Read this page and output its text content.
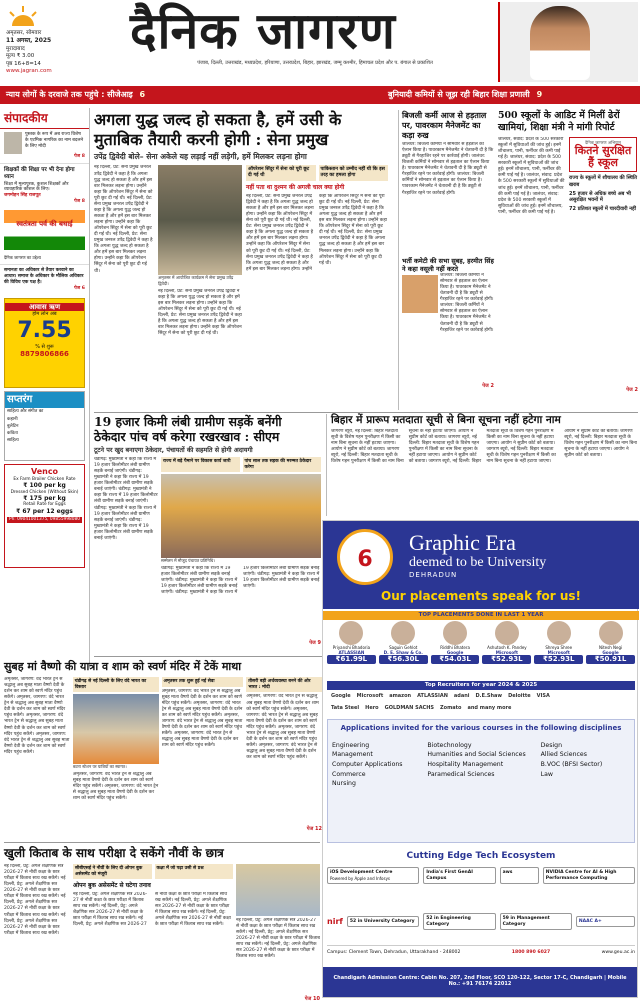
अमृतसर, सोमवार
11 अगस्त, 2025
मुरादाबाद
मूल्य ₹ 3.00
पृष्ठ 16+8=14
www.jagran.com
दैनिक जागरण
पंजाब, दिल्ली, उत्तराखंड, मध्यप्रदेश, हरियाणा, उत्तरप्रदेश, बिहार, झारखंड, जम्मू कश्मीर, हिमाचल प्रदेश और प. बंगाल से प्रकाशित
न्याय लोगों के दरवाजे तक पहुंचे : सीजेआइ 6	बुनियादी कमियों से जूझ रही बिहार शिक्षा प्रणाली 9
संपादकीय
पुस्तक के रूप में अब राज्य विशेष के एटमिक नागरिक का नाम बदलने के लिए मोदी
पेज 8
शिक्षकों की शिक्षा पर भी देना होगा ध्यान
शिक्षा में मूल्यपूरक, कुशल शिक्षकों और व्यावहारिक कौशल के लिए।
जगमोहन सिंह राजपूत
पेज 8
स्वतंत्रता पर्व की बधाई
दैनिक जागरण का उद्देश्य
समानता का अधिकार से तैयार करवाने का आधार। समाज के अधिकार के मौलिक अधिकार की विविध एक पक्ष है।
पेज 6
आवास ऋण
होम लोन अब
7.55
% से शुरू
8879806866
सप्तरंग
साहित्य और संगीत का
कहानी
बुलेटिन
कविता
साहित्य
Venco
Ex Farm Broiler Chicken Rate
₹ 100 per kg
Dressed Chicken (Without Skin)
₹ 175 per kg
Retail Rate for Eggs
₹ 67 per 12 eggs
Ph: 09041001375, 09855998080
अगला युद्ध जल्द हो सकता है, हमें उसी के
मुताबिक तैयारी करनी होगी : सेना प्रमुख
उपेंद्र द्विवेदी बोले– सेना अकेले यह लड़ाई नहीं लड़ेगी, हमें मिलकर लड़ना होगा
नई दिल्ली, प्रेट: सेना प्रमुख जनरल उपेंद्र द्विवेदी ने कहा है कि अगला युद्ध जल्द हो सकता है और हमें इस बार मिलकर लड़ना होगा। उन्होंने कहा कि ऑपरेशन सिंदूर में सेना को पूरी छूट दी गई थी। नई दिल्ली, प्रेट: सेना प्रमुख जनरल उपेंद्र द्विवेदी ने कहा है कि अगला युद्ध जल्द हो सकता है और हमें इस बार मिलकर लड़ना होगा। उन्होंने कहा कि ऑपरेशन सिंदूर में सेना को पूरी छूट दी गई थी। नई दिल्ली, प्रेट: सेना प्रमुख जनरल उपेंद्र द्विवेदी ने कहा है कि अगला युद्ध जल्द हो सकता है और हमें इस बार मिलकर लड़ना होगा। उन्होंने कहा कि ऑपरेशन सिंदूर में सेना को पूरी छूट दी गई थी।
अमृतसर में आयोजित कार्यक्रम में सेना प्रमुख उपेंद्र द्विवेदी।
नई दिल्ली, प्रेट: सेना प्रमुख जनरल उपेंद्र द्विवेदी ने कहा है कि अगला युद्ध जल्द हो सकता है और हमें इस बार मिलकर लड़ना होगा। उन्होंने कहा कि ऑपरेशन सिंदूर में सेना को पूरी छूट दी गई थी। नई दिल्ली, प्रेट: सेना प्रमुख जनरल उपेंद्र द्विवेदी ने कहा है कि अगला युद्ध जल्द हो सकता है और हमें इस बार मिलकर लड़ना होगा। उन्होंने कहा कि ऑपरेशन सिंदूर में सेना को पूरी छूट दी गई थी।
ऑपरेशन सिंदूर में सेना को पूरी छूट दी गई थी
पाकिस्तान को उम्मीद नहीं थी कि इस तरह का हमला होगा
नहीं पता था दुश्मन की अगली चाल क्या होगी
नई दिल्ली, प्रेट: सेना प्रमुख जनरल उपेंद्र द्विवेदी ने कहा है कि अगला युद्ध जल्द हो सकता है और हमें इस बार मिलकर लड़ना होगा। उन्होंने कहा कि ऑपरेशन सिंदूर में सेना को पूरी छूट दी गई थी। नई दिल्ली, प्रेट: सेना प्रमुख जनरल उपेंद्र द्विवेदी ने कहा है कि अगला युद्ध जल्द हो सकता है और हमें इस बार मिलकर लड़ना होगा। उन्होंने कहा कि ऑपरेशन सिंदूर में सेना को पूरी छूट दी गई थी। नई दिल्ली, प्रेट: सेना प्रमुख जनरल उपेंद्र द्विवेदी ने कहा है कि अगला युद्ध जल्द हो सकता है और हमें इस बार मिलकर लड़ना होगा। उन्होंने कहा कि ऑपरेशन सिंदूर में सेना को पूरी छूट दी गई थी। नई दिल्ली, प्रेट: सेना प्रमुख जनरल उपेंद्र द्विवेदी ने कहा है कि अगला युद्ध जल्द हो सकता है और हमें इस बार मिलकर लड़ना होगा। उन्होंने कहा कि ऑपरेशन सिंदूर में सेना को पूरी छूट दी गई थी। नई दिल्ली, प्रेट: सेना प्रमुख जनरल उपेंद्र द्विवेदी ने कहा है कि अगला युद्ध जल्द हो सकता है और हमें इस बार मिलकर लड़ना होगा। उन्होंने कहा कि ऑपरेशन सिंदूर में सेना को पूरी छूट दी गई थी।
बिजली कर्मी आज से हड़ताल पर, पावरकाम मैनेजमेंट का कड़ा रुख
जालंधर: बिजली कर्मियों ने सोमवार से हड़ताल का ऐलान किया है। पावरकाम मैनेजमेंट ने चेतावनी दी है कि ड्यूटी से गैरहाजिर रहने पर कार्रवाई होगी। जालंधर: बिजली कर्मियों ने सोमवार से हड़ताल का ऐलान किया है। पावरकाम मैनेजमेंट ने चेतावनी दी है कि ड्यूटी से गैरहाजिर रहने पर कार्रवाई होगी। जालंधर: बिजली कर्मियों ने सोमवार से हड़ताल का ऐलान किया है। पावरकाम मैनेजमेंट ने चेतावनी दी है कि ड्यूटी से गैरहाजिर रहने पर कार्रवाई होगी।
भर्ती कमेटी की सभा सुबह, हरमीत सिंह ने कहा वसूली नहीं करते
जालंधर: बिजली कर्मियों ने सोमवार से हड़ताल का ऐलान किया है। पावरकाम मैनेजमेंट ने चेतावनी दी है कि ड्यूटी से गैरहाजिर रहने पर कार्रवाई होगी। जालंधर: बिजली कर्मियों ने सोमवार से हड़ताल का ऐलान किया है। पावरकाम मैनेजमेंट ने चेतावनी दी है कि ड्यूटी से गैरहाजिर रहने पर कार्रवाई होगी।
पेज 2
500 स्कूलों के आडिट में मिलीं ढेरों खामियां, शिक्षा मंत्री ने मांगी रिपोर्ट
जालंधर, संवाद: प्रदेश के 500 सरकारी स्कूलों में सुविधाओं की जांच हुई। इनमें शौचालय, पानी, फर्नीचर की कमी पाई गई है। जालंधर, संवाद: प्रदेश के 500 सरकारी स्कूलों में सुविधाओं की जांच हुई। इनमें शौचालय, पानी, फर्नीचर की कमी पाई गई है। जालंधर, संवाद: प्रदेश के 500 सरकारी स्कूलों में सुविधाओं की जांच हुई। इनमें शौचालय, पानी, फर्नीचर की कमी पाई गई है। जालंधर, संवाद: प्रदेश के 500 सरकारी स्कूलों में सुविधाओं की जांच हुई। इनमें शौचालय, पानी, फर्नीचर की कमी पाई गई है।
दैनिक जागरण अभियान
कितने सुरक्षित हैं स्कूल
राज्य के स्कूलों में शौचालय की स्थिति खराब
25 हजार से अधिक बच्चे अब भी असुरक्षित भवनों में
72 प्रतिशत स्कूलों में चारदीवारी नहीं
पेज 2
19 हजार किमी लंबी ग्रामीण सड़कें बनेंगी
ठेकेदार पांच वर्ष करेगा रखरखाव : सीएम
टूटने पर खुद बनाएगा ठेकेदार, पंचायतों की सहमति से होगी अदायगी
चंडीगढ़: मुख्यमंत्री ने कहा कि राज्य में 19 हजार किलोमीटर लंबी ग्रामीण सड़कें बनाई जाएंगी। चंडीगढ़: मुख्यमंत्री ने कहा कि राज्य में 19 हजार किलोमीटर लंबी ग्रामीण सड़कें बनाई जाएंगी। चंडीगढ़: मुख्यमंत्री ने कहा कि राज्य में 19 हजार किलोमीटर लंबी ग्रामीण सड़कें बनाई जाएंगी। चंडीगढ़: मुख्यमंत्री ने कहा कि राज्य में 19 हजार किलोमीटर लंबी ग्रामीण सड़कें बनाई जाएंगी। चंडीगढ़: मुख्यमंत्री ने कहा कि राज्य में 19 हजार किलोमीटर लंबी ग्रामीण सड़कें बनाई जाएंगी।
राज्य में बड़े पैमाने पर विकास कार्य जारी	पांच साल तक सड़क की मरम्मत ठेकेदार करेगा
सम्मेलन में मौजूद पंचायत प्रतिनिधि।
चंडीगढ़: मुख्यमंत्री ने कहा कि राज्य में 19 हजार किलोमीटर लंबी ग्रामीण सड़कें बनाई जाएंगी। चंडीगढ़: मुख्यमंत्री ने कहा कि राज्य में 19 हजार किलोमीटर लंबी ग्रामीण सड़कें बनाई जाएंगी। चंडीगढ़: मुख्यमंत्री ने कहा कि राज्य में 19 हजार किलोमीटर लंबी ग्रामीण सड़कें बनाई जाएंगी। चंडीगढ़: मुख्यमंत्री ने कहा कि राज्य में 19 हजार किलोमीटर लंबी ग्रामीण सड़कें बनाई जाएंगी।
पेज 9
बिहार में प्रारूप मतदाता सूची से बिना सूचना नहीं हटेगा नाम
जागरण ब्यूरो, नई दिल्ली: बिहार मतदाता सूची के विशेष गहन पुनरीक्षण में किसी का नाम बिना सूचना के नहीं हटाया जाएगा। आयोग ने सुप्रीम कोर्ट को बताया। जागरण ब्यूरो, नई दिल्ली: बिहार मतदाता सूची के विशेष गहन पुनरीक्षण में किसी का नाम बिना सूचना के नहीं हटाया जाएगा। आयोग ने सुप्रीम कोर्ट को बताया। जागरण ब्यूरो, नई दिल्ली: बिहार मतदाता सूची के विशेष गहन पुनरीक्षण में किसी का नाम बिना सूचना के नहीं हटाया जाएगा। आयोग ने सुप्रीम कोर्ट को बताया। जागरण ब्यूरो, नई दिल्ली: बिहार मतदाता सूची के विशेष गहन पुनरीक्षण में किसी का नाम बिना सूचना के नहीं हटाया जाएगा। आयोग ने सुप्रीम कोर्ट को बताया। जागरण ब्यूरो, नई दिल्ली: बिहार मतदाता सूची के विशेष गहन पुनरीक्षण में किसी का नाम बिना सूचना के नहीं हटाया जाएगा। आयोग ने सुप्रीम कोर्ट को बताया। जागरण ब्यूरो, नई दिल्ली: बिहार मतदाता सूची के विशेष गहन पुनरीक्षण में किसी का नाम बिना सूचना के नहीं हटाया जाएगा। आयोग ने सुप्रीम कोर्ट को बताया।
सुबह मां वैष्णो की यात्रा व शाम को स्वर्ण मंदिर में टेकें माथा
अमृतसर, जागरण: वंदे भारत ट्रेन से श्रद्धालु अब सुबह माता वैष्णो देवी के दर्शन कर शाम को स्वर्ण मंदिर पहुंच सकेंगे। अमृतसर, जागरण: वंदे भारत ट्रेन से श्रद्धालु अब सुबह माता वैष्णो देवी के दर्शन कर शाम को स्वर्ण मंदिर पहुंच सकेंगे। अमृतसर, जागरण: वंदे भारत ट्रेन से श्रद्धालु अब सुबह माता वैष्णो देवी के दर्शन कर शाम को स्वर्ण मंदिर पहुंच सकेंगे। अमृतसर, जागरण: वंदे भारत ट्रेन से श्रद्धालु अब सुबह माता वैष्णो देवी के दर्शन कर शाम को स्वर्ण मंदिर पहुंच सकेंगे।
चंडीगढ़ से नई दिल्ली के लिए वंदे भारत का विस्तार
कटरा स्टेशन पर यात्रियों का स्वागत।
अमृतसर, जागरण: वंदे भारत ट्रेन से श्रद्धालु अब सुबह माता वैष्णो देवी के दर्शन कर शाम को स्वर्ण मंदिर पहुंच सकेंगे। अमृतसर, जागरण: वंदे भारत ट्रेन से श्रद्धालु अब सुबह माता वैष्णो देवी के दर्शन कर शाम को स्वर्ण मंदिर पहुंच सकेंगे।
अमृतसर तक शुरू हुई नई सेवा
अमृतसर, जागरण: वंदे भारत ट्रेन से श्रद्धालु अब सुबह माता वैष्णो देवी के दर्शन कर शाम को स्वर्ण मंदिर पहुंच सकेंगे। अमृतसर, जागरण: वंदे भारत ट्रेन से श्रद्धालु अब सुबह माता वैष्णो देवी के दर्शन कर शाम को स्वर्ण मंदिर पहुंच सकेंगे। अमृतसर, जागरण: वंदे भारत ट्रेन से श्रद्धालु अब सुबह माता वैष्णो देवी के दर्शन कर शाम को स्वर्ण मंदिर पहुंच सकेंगे। अमृतसर, जागरण: वंदे भारत ट्रेन से श्रद्धालु अब सुबह माता वैष्णो देवी के दर्शन कर शाम को स्वर्ण मंदिर पहुंच सकेंगे।
तीसरी बड़ी अर्थव्यवस्था बनने की ओर भारत : मोदी
अमृतसर, जागरण: वंदे भारत ट्रेन से श्रद्धालु अब सुबह माता वैष्णो देवी के दर्शन कर शाम को स्वर्ण मंदिर पहुंच सकेंगे। अमृतसर, जागरण: वंदे भारत ट्रेन से श्रद्धालु अब सुबह माता वैष्णो देवी के दर्शन कर शाम को स्वर्ण मंदिर पहुंच सकेंगे। अमृतसर, जागरण: वंदे भारत ट्रेन से श्रद्धालु अब सुबह माता वैष्णो देवी के दर्शन कर शाम को स्वर्ण मंदिर पहुंच सकेंगे। अमृतसर, जागरण: वंदे भारत ट्रेन से श्रद्धालु अब सुबह माता वैष्णो देवी के दर्शन कर शाम को स्वर्ण मंदिर पहुंच सकेंगे।
पेज 12
खुली किताब के साथ परीक्षा दे सकेंगे नौवीं के छात्र
नई दिल्ली, प्रेट्र: अगले शैक्षणिक सत्र 2026-27 से नौवीं कक्षा के छात्र परीक्षा में किताब साथ रख सकेंगे। नई दिल्ली, प्रेट्र: अगले शैक्षणिक सत्र 2026-27 से नौवीं कक्षा के छात्र परीक्षा में किताब साथ रख सकेंगे। नई दिल्ली, प्रेट्र: अगले शैक्षणिक सत्र 2026-27 से नौवीं कक्षा के छात्र परीक्षा में किताब साथ रख सकेंगे। नई दिल्ली, प्रेट्र: अगले शैक्षणिक सत्र 2026-27 से नौवीं कक्षा के छात्र परीक्षा में किताब साथ रख सकेंगे।
सीबीएसई ने नौवीं के लिए दी ओपन बुक असेसमेंट को मंजूरी
कक्षा में जो पढ़ा उसी से प्रश्न
ओपन बुक असेसमेंट से घटेगा तनाव
नई दिल्ली, प्रेट्र: अगले शैक्षणिक सत्र 2026-27 से नौवीं कक्षा के छात्र परीक्षा में किताब साथ रख सकेंगे। नई दिल्ली, प्रेट्र: अगले शैक्षणिक सत्र 2026-27 से नौवीं कक्षा के छात्र परीक्षा में किताब साथ रख सकेंगे। नई दिल्ली, प्रेट्र: अगले शैक्षणिक सत्र 2026-27 से नौवीं कक्षा के छात्र परीक्षा में किताब साथ रख सकेंगे। नई दिल्ली, प्रेट्र: अगले शैक्षणिक सत्र 2026-27 से नौवीं कक्षा के छात्र परीक्षा में किताब साथ रख सकेंगे। नई दिल्ली, प्रेट्र: अगले शैक्षणिक सत्र 2026-27 से नौवीं कक्षा के छात्र परीक्षा में किताब साथ रख सकेंगे।
नई दिल्ली, प्रेट्र: अगले शैक्षणिक सत्र 2026-27 से नौवीं कक्षा के छात्र परीक्षा में किताब साथ रख सकेंगे। नई दिल्ली, प्रेट्र: अगले शैक्षणिक सत्र 2026-27 से नौवीं कक्षा के छात्र परीक्षा में किताब साथ रख सकेंगे। नई दिल्ली, प्रेट्र: अगले शैक्षणिक सत्र 2026-27 से नौवीं कक्षा के छात्र परीक्षा में किताब साथ रख सकेंगे।
पेज 10
6
Graphic Era
deemed to be University
DEHRADUN
Our placements speak for us!
TOP PLACEMENTS DONE IN LAST 1 YEAR
Priyanshi Bhadoria
ATLASSIAN
₹61.99L
Saguin Gehlot
D. E. Shaw & Co.
₹56.30L
Riddhi Bhatera
Google
₹54.03L
Ashutosh K. Pandey
Microsoft
₹52.93L
Shreya Shree
Microsoft
₹52.93L
Nitesh Negi
Google
₹50.91L
Top Recruiters for year 2024 & 2025
Google Microsoft amazon ATLASSIAN adani D.E.Shaw Deloitte VISA
Tata Steel Hero GOLDMAN SACHS Zomato and many more
Applications invited for the various courses in the following disciplines
Engineering
Management
Computer Applications
Commerce
Nursing
Biotechnology
Humanities and Social Sciences
Hospitality Management
Paramedical Sciences
Design
Allied Sciences
B.VOC (BFSI Sector)
Law
Cutting Edge Tech Ecosystem
iOS Development Centre
Powered by Apple and Infosys
India's First GenAI Campus
aws	NVIDIA Centre for AI & High Performance Computing
nirf	52 in University Category
52 in Engineering Category
59 in Management Category
NAAC A+
Campus: Clement Town, Dehradun, Uttarakhand - 248002	1800 890 6027	www.geu.ac.in
Chandigarh Admission Centre: Cabin No. 207, 2nd Floor, SCO 120-122, Sector 17-C, Chandigarh | Mobile No.: +91 76174 22012
